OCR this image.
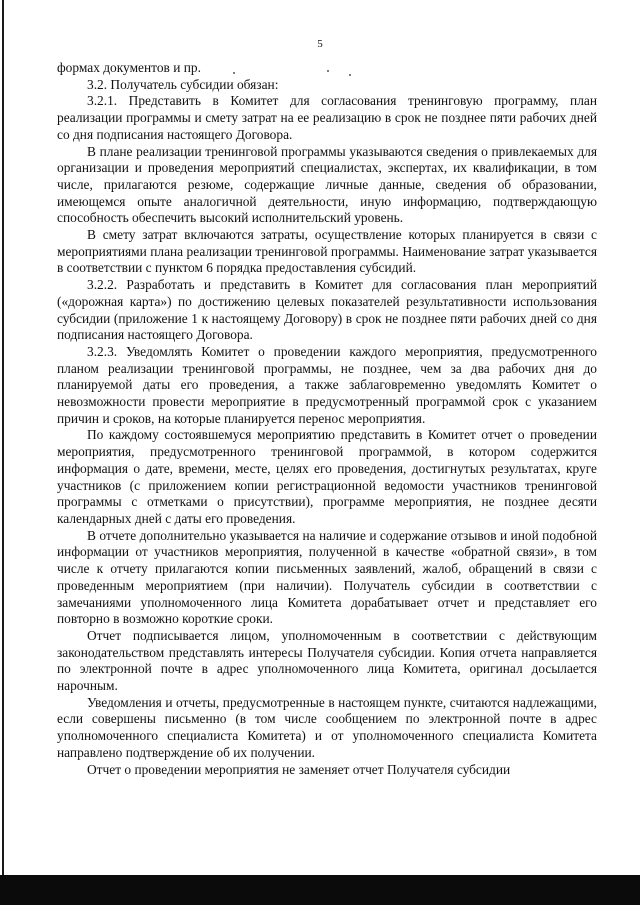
5

формах документов и пр.

3.2. Получатель субсидии обязан:

3.2.1. Представить в Комитет для согласования тренинговую программу, план реализации программы и смету затрат на ее реализацию в срок не позднее пяти рабочих дней со дня подписания настоящего Договора.

В плане реализации тренинговой программы указываются сведения о привлекаемых для организации и проведения мероприятий специалистах, экспертах, их квалификации, в том числе, прилагаются резюме, содержащие личные данные, сведения об образовании, имеющемся опыте аналогичной деятельности, иную информацию, подтверждающую способность обеспечить высокий исполнительский уровень.

В смету затрат включаются затраты, осуществление которых планируется в связи с мероприятиями плана реализации тренинговой программы. Наименование затрат указывается в соответствии с пунктом 6 порядка предоставления субсидий.

3.2.2. Разработать и представить в Комитет для согласования план мероприятий («дорожная карта») по достижению целевых показателей результативности использования субсидии (приложение 1 к настоящему Договору) в срок не позднее пяти рабочих дней со дня подписания настоящего Договора.

3.2.3. Уведомлять Комитет о проведении каждого мероприятия, предусмотренного планом реализации тренинговой программы, не позднее, чем за два рабочих дня до планируемой даты его проведения, а также заблаговременно уведомлять Комитет о невозможности провести мероприятие в предусмотренный программой срок с указанием причин и сроков, на которые планируется перенос мероприятия.

По каждому состоявшемуся мероприятию представить в Комитет отчет о проведении мероприятия, предусмотренного тренинговой программой, в котором содержится информация о дате, времени, месте, целях его проведения, достигнутых результатах, круге участников (с приложением копии регистрационной ведомости участников тренинговой программы с отметками о присутствии), программе мероприятия, не позднее десяти календарных дней с даты его проведения.

В отчете дополнительно указывается на наличие и содержание отзывов и иной подобной информации от участников мероприятия, полученной в качестве «обратной связи», в том числе к отчету прилагаются копии письменных заявлений, жалоб, обращений в связи с проведенным мероприятием (при наличии). Получатель субсидии в соответствии с замечаниями уполномоченного лица Комитета дорабатывает отчет и представляет его повторно в возможно короткие сроки.

Отчет подписывается лицом, уполномоченным в соответствии с действующим законодательством представлять интересы Получателя субсидии. Копия отчета направляется по электронной почте в адрес уполномоченного лица Комитета, оригинал досылается нарочным.

Уведомления и отчеты, предусмотренные в настоящем пункте, считаются надлежащими, если совершены письменно (в том числе сообщением по электронной почте в адрес уполномоченного специалиста Комитета) и от уполномоченного специалиста Комитета направлено подтверждение об их получении.

Отчет о проведении мероприятия не заменяет отчет Получателя субсидии
